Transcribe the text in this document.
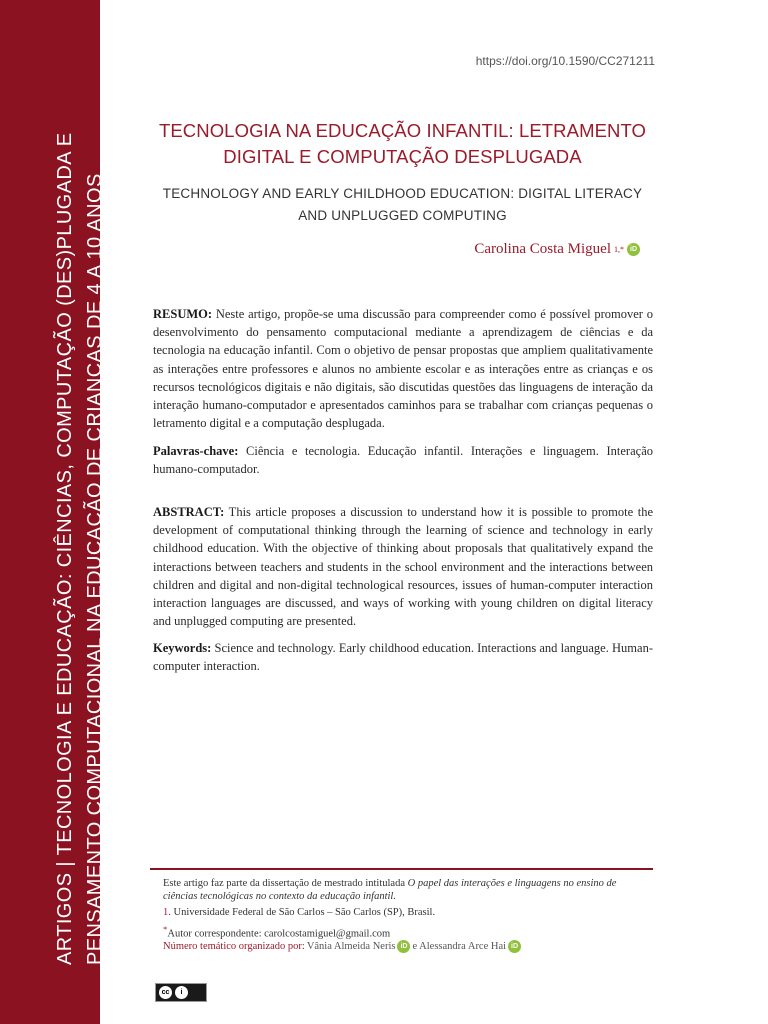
ARTIGOS | TECNOLOGIA E EDUCAÇÃO: CIÊNCIAS, COMPUTAÇÃO (DES)PLUGADA E PENSAMENTO COMPUTACIONAL NA EDUCAÇÃO DE CRIANÇAS DE 4 A 10 ANOS
https://doi.org/10.1590/CC271211
TECNOLOGIA NA EDUCAÇÃO INFANTIL: LETRAMENTO DIGITAL E COMPUTAÇÃO DESPLUGADA
TECHNOLOGY AND EARLY CHILDHOOD EDUCATION: DIGITAL LITERACY AND UNPLUGGED COMPUTING
Carolina Costa Miguel 1,* iD
RESUMO: Neste artigo, propõe-se uma discussão para compreender como é possível promover o desenvolvimento do pensamento computacional mediante a aprendizagem de ciências e da tecnologia na educação infantil. Com o objetivo de pensar propostas que ampliem qualitativamente as interações entre professores e alunos no ambiente escolar e as interações entre as crianças e os recursos tecnológicos digitais e não digitais, são discutidas questões das linguagens de interação da interação humano-computador e apresentados caminhos para se trabalhar com crianças pequenas o letramento digital e a computação desplugada.
Palavras-chave: Ciência e tecnologia. Educação infantil. Interações e linguagem. Interação humano-computador.
ABSTRACT: This article proposes a discussion to understand how it is possible to promote the development of computational thinking through the learning of science and technology in early childhood education. With the objective of thinking about proposals that qualitatively expand the interactions between teachers and students in the school environment and the interactions between children and digital and non-digital technological resources, issues of human-computer interaction interaction languages are discussed, and ways of working with young children on digital literacy and unplugged computing are presented.
Keywords: Science and technology. Early childhood education. Interactions and language. Human-computer interaction.
Este artigo faz parte da dissertação de mestrado intitulada O papel das interações e linguagens no ensino de ciências tecnológicas no contexto da educação infantil.
1. Universidade Federal de São Carlos – São Carlos (SP), Brasil.
*Autor correspondente: carolcostamiguel@gmail.com
Número temático organizado por: Vânia Almeida Neris iD e Alessandra Arce Hai iD
cc	i
